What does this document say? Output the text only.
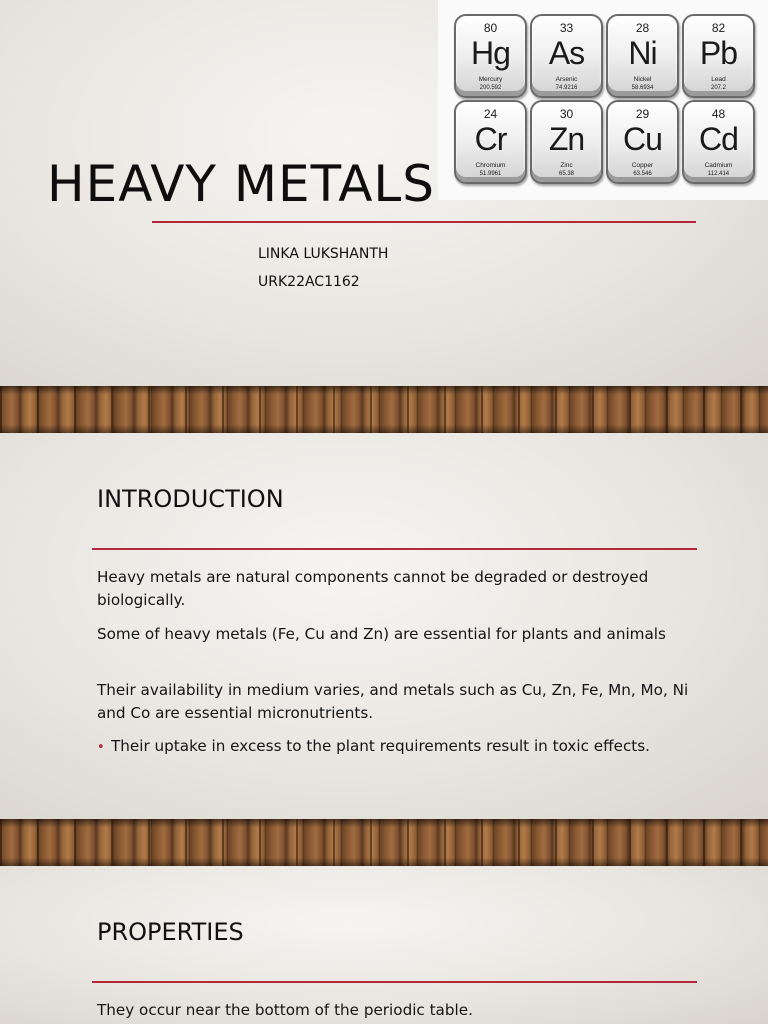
80
Hg
Mercury
200.592
33
As
Arsenic
74.9216
28
Ni
Nickel
58.6934
82
Pb
Lead
207.2
24
Cr
Chromium
51.9961
30
Zn
Zinc
65.38
29
Cu
Copper
63.546
48
Cd
Cadmium
112.414
HEAVY METALS
LINKA LUKSHANTH
URK22AC1162
INTRODUCTION

Heavy metals are natural components cannot be degraded or destroyed biologically.

Some of heavy metals (Fe, Cu and Zn) are essential for plants and animals

Their availability in medium varies, and metals such as Cu, Zn, Fe, Mn, Mo, Ni and Co are essential micronutrients.

• Their uptake in excess to the plant requirements result in toxic effects.
PROPERTIES

They occur near the bottom of the periodic table.
